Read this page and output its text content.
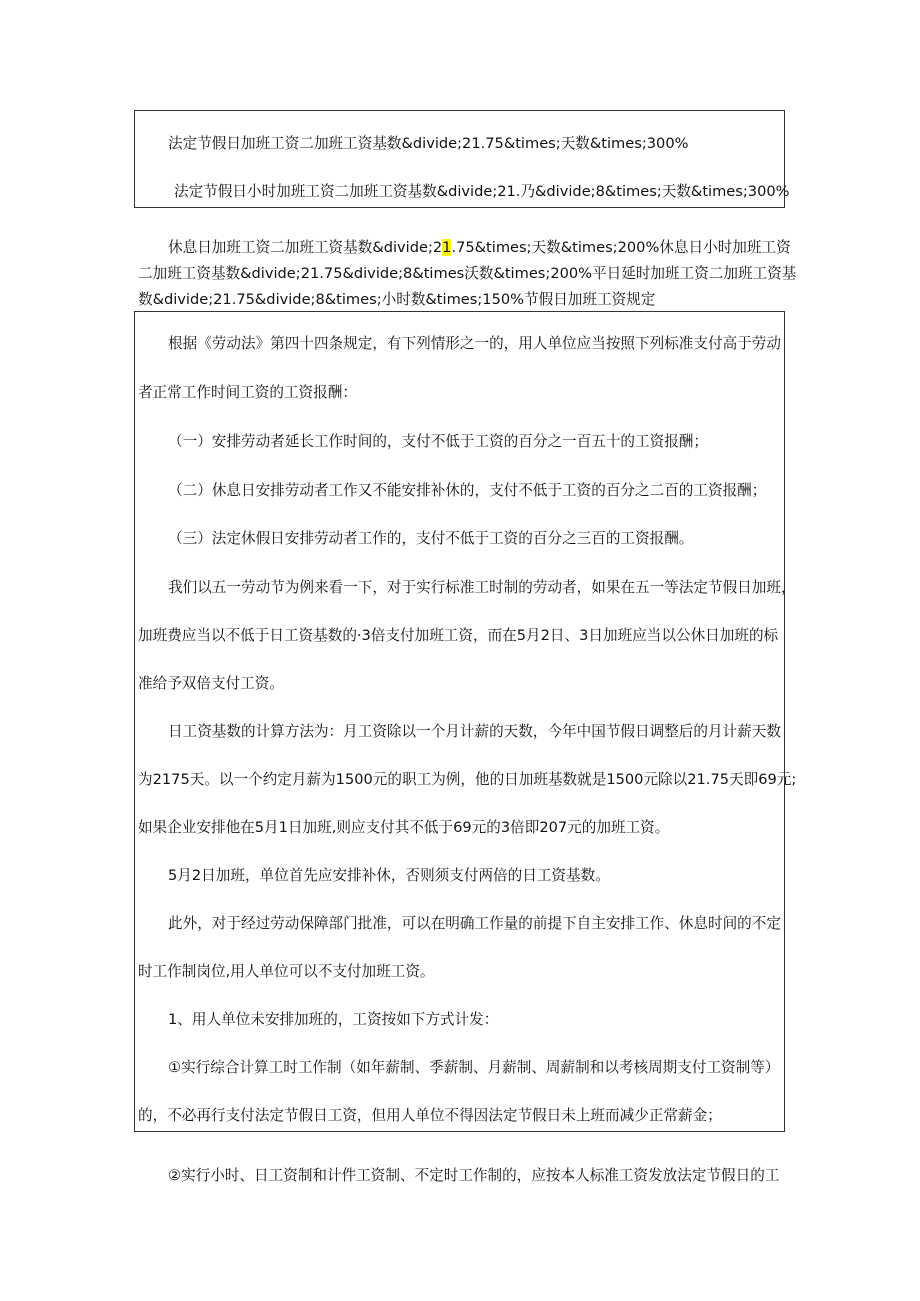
法定节假日加班工资二加班工资基数&divide;21.75&times;天数&times;300%
法定节假日小时加班工资二加班工资基数&divide;21.乃&divide;8&times;天数&times;300%
休息日加班工资二加班工资基数&divide;21.75&times;天数&times;200%休息日小时加班工资
二加班工资基数&divide;21.75&divide;8&times沃数&times;200%平日延时加班工资二加班工资基
数&divide;21.75&divide;8&times;小时数&times;150%节假日加班工资规定
根据《劳动法》第四十四条规定，有下列情形之一的，用人单位应当按照下列标准支付高于劳动
者正常工作时间工资的工资报酬：
（一）安排劳动者延长工作时间的，支付不低于工资的百分之一百五十的工资报酬；
（二）休息日安排劳动者工作又不能安排补休的，支付不低于工资的百分之二百的工资报酬；
（三）法定休假日安排劳动者工作的，支付不低于工资的百分之三百的工资报酬。
我们以五一劳动节为例来看一下，对于实行标准工时制的劳动者，如果在五一等法定节假日加班，
加班费应当以不低于日工资基数的·3倍支付加班工资，而在5月2日、3日加班应当以公休日加班的标
准给予双倍支付工资。
日工资基数的计算方法为：月工资除以一个月计薪的天数，今年中国节假日调整后的月计薪天数
为2175天。以一个约定月薪为1500元的职工为例，他的日加班基数就是1500元除以21.75天即69元;
如果企业安排他在5月1日加班,则应支付其不低于69元的3倍即207元的加班工资。
5月2日加班，单位首先应安排补休，否则须支付两倍的日工资基数。
此外，对于经过劳动保障部门批准，可以在明确工作量的前提下自主安排工作、休息时间的不定
时工作制岗位,用人单位可以不支付加班工资。
1、用人单位未安排加班的，工资按如下方式计发：
①实行综合计算工时工作制（如年薪制、季薪制、月薪制、周薪制和以考核周期支付工资制等）
的，不必再行支付法定节假日工资，但用人单位不得因法定节假日未上班而减少正常薪金；
②实行小时、日工资制和计件工资制、不定时工作制的，应按本人标准工资发放法定节假日的工
